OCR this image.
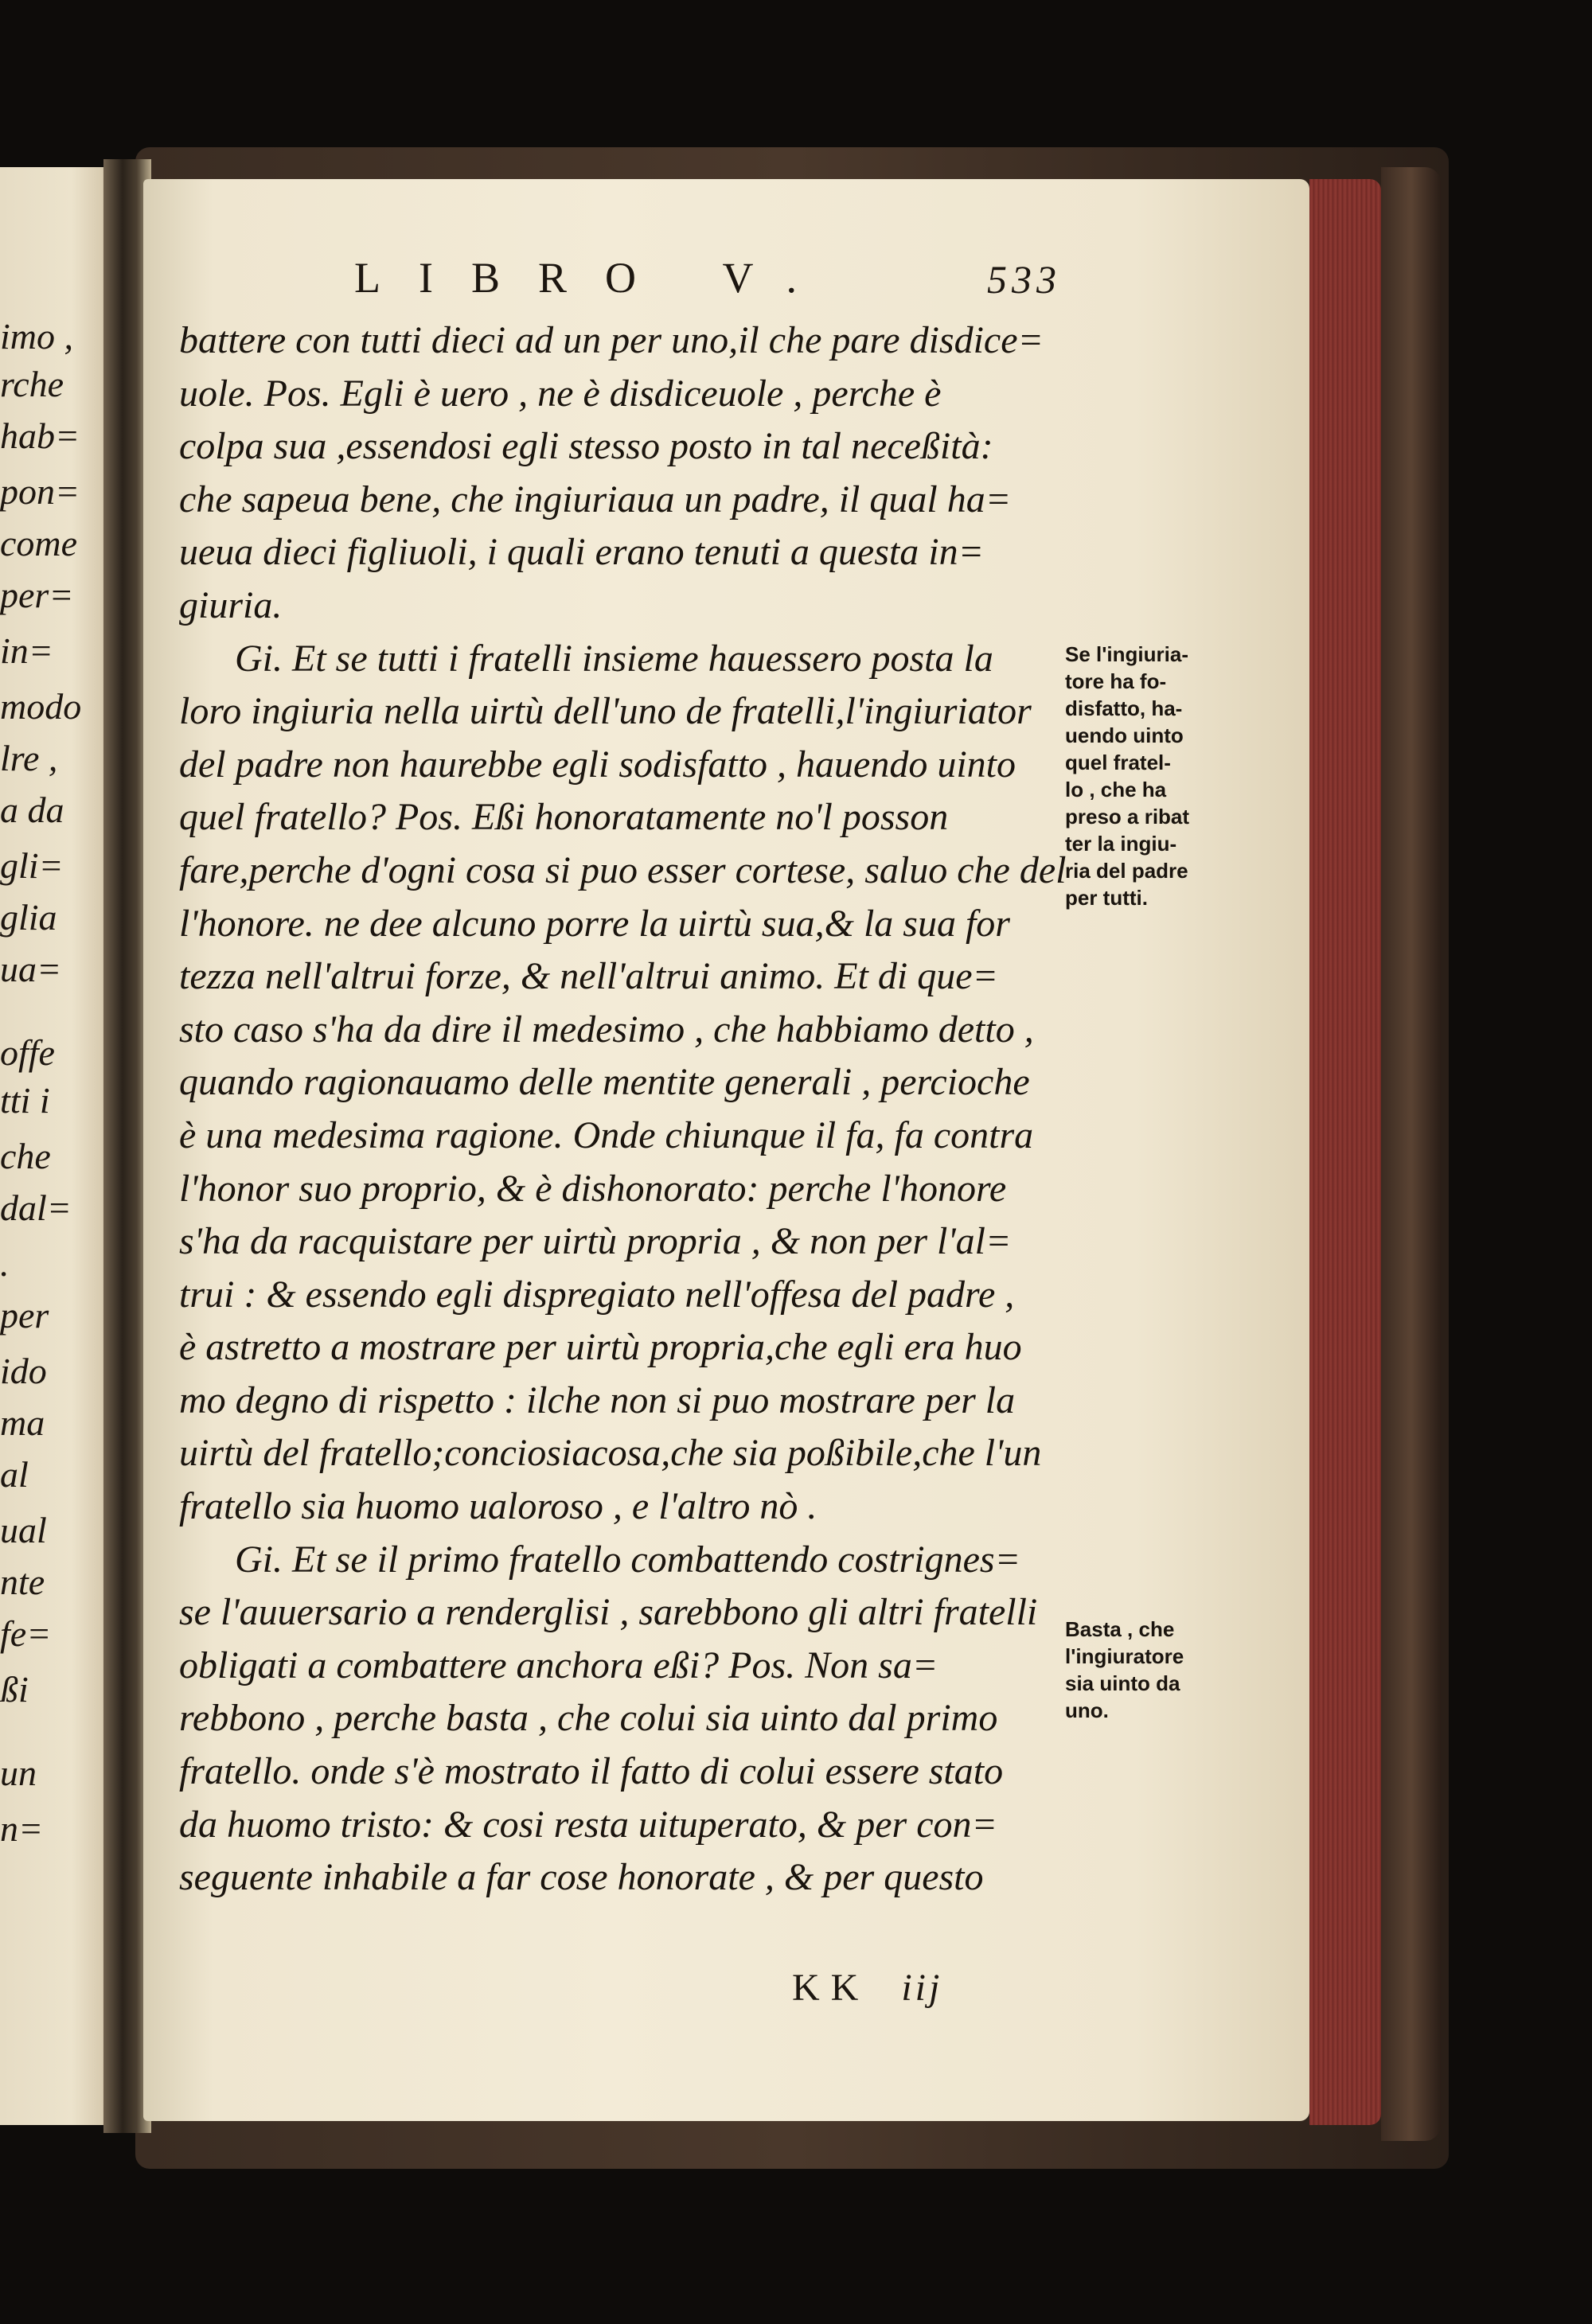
imo ,
rche
hab=
pon=
come
per=
in=
modo
lre ,
a da
gli=
glia
ua=
offe
tti i
che
dal=
.
per
ido
ma
al
ual
nte
fe=
ßi
un
n=
LIBRO V.	533
battere con tutti dieci ad un per uno,il che pare disdice=
uole. Pos. Egli è uero , ne è disdiceuole , perche è
colpa sua ,essendosi egli stesso posto in tal neceßità:
che sapeua bene, che ingiuriaua un padre, il qual ha=
ueua dieci figliuoli, i quali erano tenuti a questa in=
giuria.
Gi. Et se tutti i fratelli insieme hauessero posta la
loro ingiuria nella uirtù dell'uno de fratelli,l'ingiuriator
del padre non haurebbe egli sodisfatto , hauendo uinto
quel fratello? Pos. Eßi honoratamente no'l posson
fare,perche d'ogni cosa si puo esser cortese, saluo che del
l'honore. ne dee alcuno porre la uirtù sua,& la sua for
tezza nell'altrui forze, & nell'altrui animo. Et di que=
sto caso s'ha da dire il medesimo , che habbiamo detto ,
quando ragionauamo delle mentite generali , percioche
è una medesima ragione. Onde chiunque il fa, fa contra
l'honor suo proprio, & è dishonorato: perche l'honore
s'ha da racquistare per uirtù propria , & non per l'al=
trui : & essendo egli dispregiato nell'offesa del padre ,
è astretto a mostrare per uirtù propria,che egli era huo
mo degno di rispetto : ilche non si puo mostrare per la
uirtù del fratello;conciosiacosa,che sia poßibile,che l'un
fratello sia huomo ualoroso , e l'altro nò .
Gi. Et se il primo fratello combattendo costrignes=
se l'auuersario a renderglisi , sarebbono gli altri fratelli
obligati a combattere anchora eßi? Pos. Non sa=
rebbono , perche basta , che colui sia uinto dal primo
fratello. onde s'è mostrato il fatto di colui essere stato
da huomo tristo: & cosi resta uituperato, & per con=
seguente inhabile a far cose honorate , & per questo
Se l'ingiuria-
tore ha fo-
disfatto, ha-
uendo uinto
quel fratel-
lo , che ha
preso a ribat
ter la ingiu-
ria del padre
per tutti.
Basta , che
l'ingiuratore
sia uinto da
uno.
KK iij
